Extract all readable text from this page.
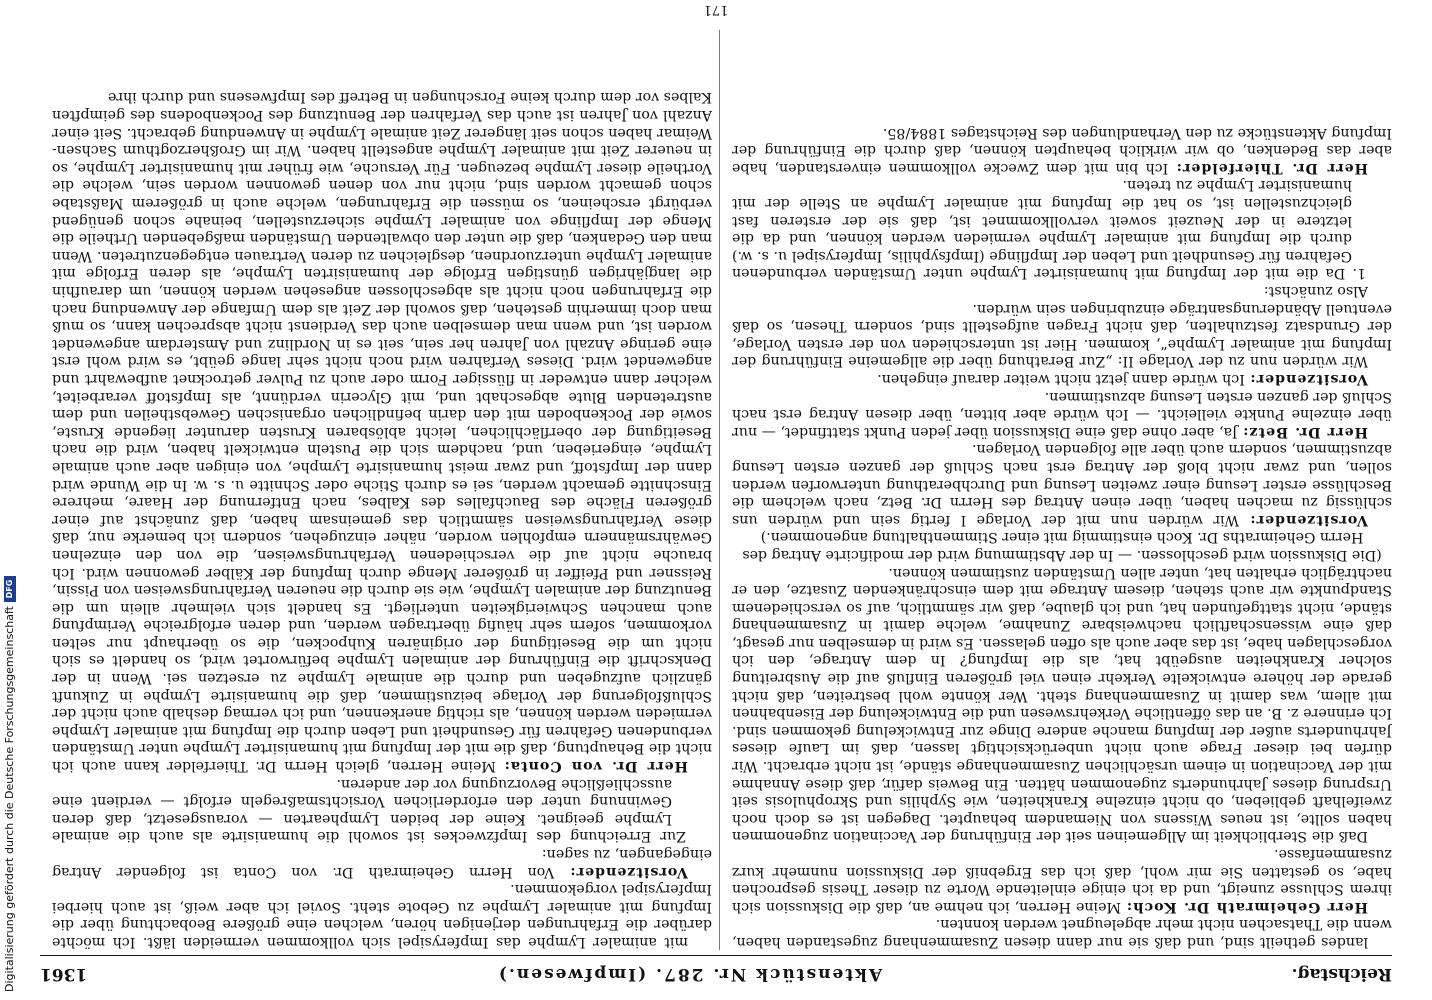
Reichstag.
Aktenstück Nr. 287. (Impfwesen.)
1361

landes getheilt sind, und daß sie nur dann diesen Zusammenhang zugestanden haben, wenn die Thatsachen nicht mehr abgeleugnet werden konnten.

Herr Geheimrath Dr. Koch: Meine Herren, ich nehme an, daß die Diskussion sich ihrem Schlusse zuneigt, und da ich einige einleitende Worte zu dieser Thesis gesprochen habe, so gestatten Sie mir wohl, daß ich das Ergebniß der Diskussion nunmehr kurz zusammenfasse.

Daß die Sterblichkeit im Allgemeinen seit der Einführung der Vaccination zugenommen haben sollte, ist neues Wissens von Niemandem behauptet. Dagegen ist es doch noch zweifelhaft geblieben, ob nicht einzelne Krankheiten, wie Syphilis und Skrophulosis seit Ursprung dieses Jahrhunderts zugenommen hätten. Ein Beweis dafür, daß diese Annahme mit der Vaccination in einem ursächlichen Zusammenhange stände, ist nicht erbracht. Wir dürfen bei dieser Frage auch nicht unberücksichtigt lassen, daß im Laufe dieses Jahrhunderts außer der Impfung manche andere Dinge zur Entwickelung gekommen sind. Ich erinnere z. B. an das öffentliche Verkehrswesen und die Entwickelung der Eisenbahnen mit allem, was damit in Zusammenhang steht. Wer könnte wohl bestreiten, daß nicht gerade der höhere entwickelte Verkehr einen viel größeren Einfluß auf die Ausbreitung solcher Krankheiten ausgeübt hat, als die Impfung? In dem Antrage, den ich vorgeschlagen habe, ist das aber auch als offen gelassen. Es wird in demselben nur gesagt, daß eine wissenschaftlich nachweisbare Zunahme, welche damit in Zusammenhang stände, nicht stattgefunden hat, und ich glaube, daß wir sämmtlich, auf so verschiedenem Standpunkte wir auch stehen, diesem Antrage mit dem einschränkenden Zusatze, den er nachträglich erhalten hat, unter allen Umständen zustimmen können.

(Die Diskussion wird geschlossen. — In der Abstimmung wird der modificirte Antrag des Herrn Geheimraths Dr. Koch einstimmig mit einer Stimmenthaltung angenommen.)

Vorsitzender: Wir würden nun mit der Vorlage I fertig sein und würden uns schlüssig zu machen haben, über einen Antrag des Herrn Dr. Betz, nach welchem die Beschlüsse erster Lesung einer zweiten Lesung und Durchberathung unterworfen werden sollen, und zwar nicht bloß der Antrag erst nach Schluß der ganzen ersten Lesung abzustimmen, sondern auch über alle folgenden Vorlagen.

Herr Dr. Betz: Ja, aber ohne daß eine Diskussion über jeden Punkt stattfindet, — nur über einzelne Punkte vielleicht. — Ich würde aber bitten, über diesen Antrag erst nach Schluß der ganzen ersten Lesung abzustimmen.

Vorsitzender: Ich würde dann jetzt nicht weiter darauf eingehen.

Wir würden nun zu der Vorlage II: „Zur Berathung über die allgemeine Einführung der Impfung mit animaler Lymphe“, kommen. Hier ist unterschieden von der ersten Vorlage, der Grundsatz festzuhalten, daß nicht Fragen aufgestellt sind, sondern Thesen, so daß eventuell Abänderungsanträge einzubringen sein würden.

Also zunächst:

1. Da die mit der Impfung mit humanisirter Lymphe unter Umständen verbundenen Gefahren für Gesundheit und Leben der Impflinge (Impfsyphilis, Impferysipel u. s. w.) durch die Impfung mit animaler Lymphe vermieden werden können, und da die letztere in der Neuzeit soweit vervollkommnet ist, daß sie der ersteren fast gleichzustellen ist, so hat die Impfung mit animaler Lymphe an Stelle der mit humanisirter Lymphe zu treten.

Herr Dr. Thierfelder: Ich bin mit dem Zwecke vollkommen einverstanden, habe aber das Bedenken, ob wir wirklich behaupten können, daß durch die Einführung der Impfung Aktenstücke zu den Verhandlungen des Reichstages 1884/85.

mit animaler Lymphe das Impferysipel sich vollkommen vermeiden läßt. Ich möchte darüber die Erfahrungen derjenigen hören, welchen eine größere Beobachtung über die Impfung mit animaler Lymphe zu Gebote steht. Soviel ich aber weiß, ist auch hierbei Impferysipel vorgekommen.

Vorsitzender: Von Herrn Geheimrath Dr. von Conta ist folgender Antrag eingegangen, zu sagen:

Zur Erreichung des Impfzweckes ist sowohl die humanisirte als auch die animale Lymphe geeignet. Keine der beiden Lymphearten — vorausgesetzt, daß deren Gewinnung unter den erforderlichen Vorsichtsmaßregeln erfolgt — verdient eine ausschließliche Bevorzugung vor der anderen.

Herr Dr. von Conta: Meine Herren, gleich Herrn Dr. Thierfelder kann auch ich nicht die Behauptung, daß die mit der Impfung mit humanisirter Lymphe unter Umständen verbundenen Gefahren für Gesundheit und Leben durch die Impfung mit animaler Lymphe vermieden werden können, als richtig anerkennen, und ich vermag deshalb auch nicht der Schlußfolgerung der Vorlage beizustimmen, daß die humanisirte Lymphe in Zukunft gänzlich aufzugeben und durch die animale Lymphe zu ersetzen sei. Wenn in der Denkschrift die Einführung der animalen Lymphe befürwortet wird, so handelt es sich nicht um die Beseitigung der originären Kuhpocken, die so überhaupt nur selten vorkommen, sofern sehr häufig übertragen werden, und deren erfolgreiche Verimpfung auch manchen Schwierigkeiten unterliegt. Es handelt sich vielmehr allein um die Benutzung der animalen Lymphe, wie sie durch die neueren Verfahrungsweisen von Pissin, Reissner und Pfeiffer in größerer Menge durch Impfung der Kälber gewonnen wird. Ich brauche nicht auf die verschiedenen Verfahrungsweisen, die von den einzelnen Gewährsmännern empfohlen worden, näher einzugehen, sondern ich bemerke nur, daß diese Verfahrungsweisen sämmtlich das gemeinsam haben, daß zunächst auf einer größeren Fläche des Bauchfalles des Kalbes, nach Entfernung der Haare, mehrere Einschnitte gemacht werden, sei es durch Stiche oder Schnitte u. s. w. In die Wunde wird dann der Impfstoff, und zwar meist humanisirte Lymphe, von einigen aber auch animale Lymphe, eingerieben, und, nachdem sich die Pusteln entwickelt haben, wird die nach Beseitigung der oberflächlichen, leicht ablösbaren Krusten darunter liegende Kruste, sowie der Pockenboden mit den darin befindlichen organischen Gewebstheilen und dem austretenden Blute abgeschabt und, mit Glycerin verdünnt, als Impfstoff verarbeitet, welcher dann entweder in flüssiger Form oder auch zu Pulver getrocknet aufbewahrt und angewendet wird. Dieses Verfahren wird noch nicht sehr lange geübt, es wird wohl erst eine geringe Anzahl von Jahren her sein, seit es in Nordlinz und Amsterdam angewendet worden ist, und wenn man demselben auch das Verdienst nicht absprechen kann, so muß man doch immerhin gestehen, daß sowohl der Zeit als dem Umfange der Anwendung nach die Erfahrungen noch nicht als abgeschlossen angesehen werden können, um daraufhin die langjährigen günstigen Erfolge der humanisirten Lymphe, als deren Erfolge mit animaler Lymphe unterzuordnen, desgleichen zu deren Vertrauen entgegenzutreten. Wenn man den Gedanken, daß die unter den obwaltenden Umständen maßgebenden Urtheile die Menge der Impflinge von animaler Lymphe sicherzustellen, beinahe schon genügend verbürgt erscheinen, so müssen die Erfahrungen, welche auch in größerem Maßstabe schon gemacht worden sind, nicht nur von denen gewonnen worden sein, welche die Vortheile dieser Lymphe bezeugen. Für Versuche, wie früher mit humanisirter Lymphe, so in neuerer Zeit mit animaler Lymphe angestellt haben. Wir im Großherzogthum Sachsen-Weimar haben schon seit längerer Zeit animale Lymphe in Anwendung gebracht. Seit einer Anzahl von Jahren ist auch das Verfahren der Benutzung des Pockenbodens des geimpften Kalbes vor dem durch keine Forschungen in Betreff des Impfwesens und durch ihre

171
Digitalisierung gefördert durch die Deutsche Forschungsgemeinschaft
DFG
